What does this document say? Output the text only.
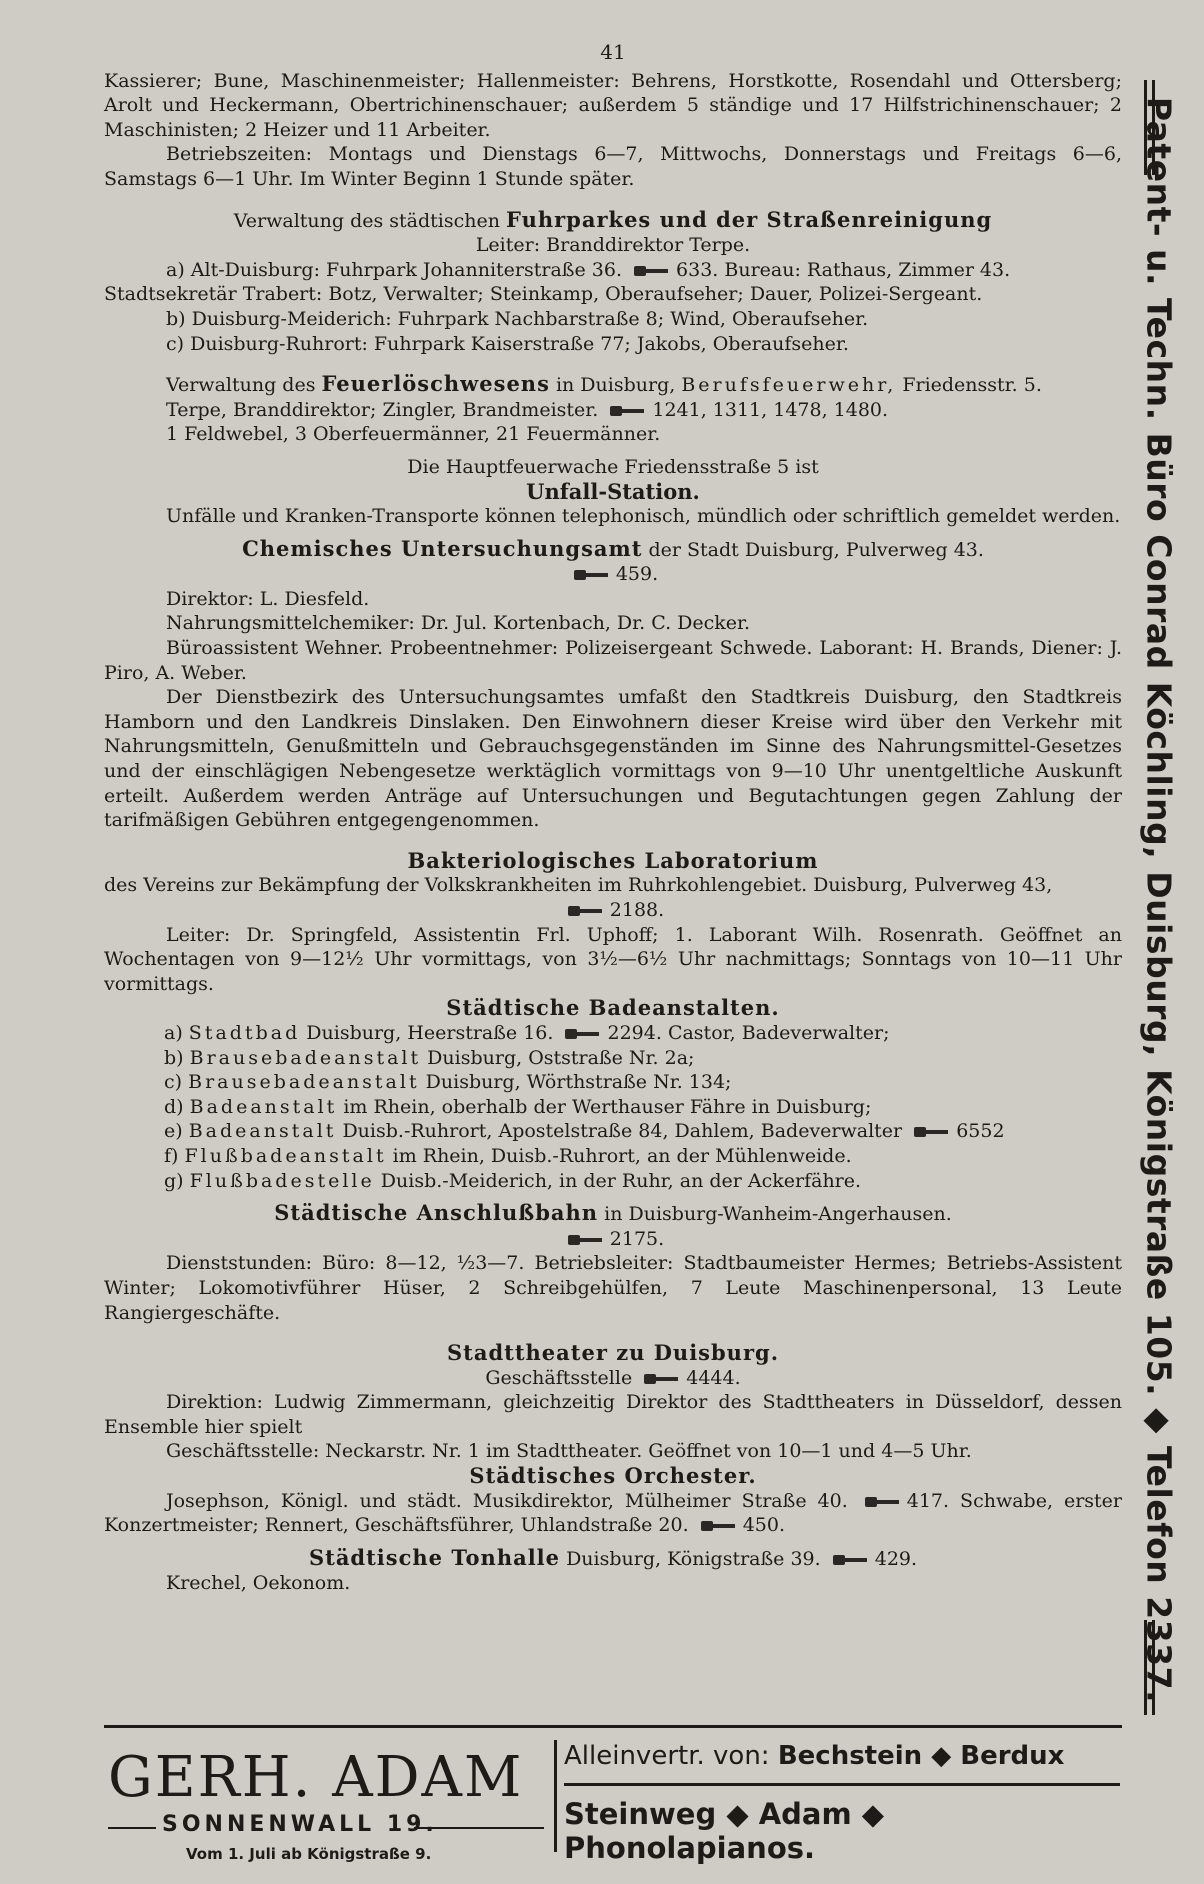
41

Kassierer; Bune, Maschinenmeister; Hallenmeister: Behrens, Horstkotte, Rosendahl und Ottersberg; Arolt und Heckermann, Obertrichinenschauer; außerdem 5 ständige und 17 Hilfstrichinenschauer; 2 Maschinisten; 2 Heizer und 11 Arbeiter.

Betriebszeiten: Montags und Dienstags 6—7, Mittwochs, Donnerstags und Freitags 6—6, Samstags 6—1 Uhr. Im Winter Beginn 1 Stunde später.

Verwaltung des städtischen Fuhrparkes und der Straßenreinigung

Leiter: Branddirektor Terpe.

a) Alt-Duisburg: Fuhrpark Johanniterstraße 36.	633. Bureau: Rathaus, Zimmer 43.

Stadtsekretär Trabert: Botz, Verwalter; Steinkamp, Oberaufseher; Dauer, Polizei-Sergeant.

b) Duisburg-Meiderich: Fuhrpark Nachbarstraße 8; Wind, Oberaufseher.

c) Duisburg-Ruhrort: Fuhrpark Kaiserstraße 77; Jakobs, Oberaufseher.

Verwaltung des Feuerlöschwesens in Duisburg, Berufsfeuerwehr, Friedensstr. 5.

Terpe, Branddirektor; Zingler, Brandmeister.	1241, 1311, 1478, 1480.

1 Feldwebel, 3 Oberfeuermänner, 21 Feuermänner.

Die Hauptfeuerwache Friedensstraße 5 ist

Unfall-Station.

Unfälle und Kranken-Transporte können telephonisch, mündlich oder schriftlich gemeldet werden.

Chemisches Untersuchungsamt der Stadt Duisburg, Pulverweg 43.

459.

Direktor: L. Diesfeld.

Nahrungsmittelchemiker: Dr. Jul. Kortenbach, Dr. C. Decker.

Büroassistent Wehner. Probeentnehmer: Polizeisergeant Schwede. Laborant: H. Brands, Diener: J. Piro, A. Weber.

Der Dienstbezirk des Untersuchungsamtes umfaßt den Stadtkreis Duisburg, den Stadtkreis Hamborn und den Landkreis Dinslaken. Den Einwohnern dieser Kreise wird über den Verkehr mit Nahrungsmitteln, Genußmitteln und Gebrauchsgegenständen im Sinne des Nahrungsmittel-Gesetzes und der einschlägigen Nebengesetze werktäglich vormittags von 9—10 Uhr unentgeltliche Auskunft erteilt. Außerdem werden Anträge auf Untersuchungen und Begutachtungen gegen Zahlung der tarifmäßigen Gebühren entgegengenommen.

Bakteriologisches Laboratorium

des Vereins zur Bekämpfung der Volkskrankheiten im Ruhrkohlengebiet. Duisburg, Pulverweg 43,

2188.

Leiter: Dr. Springfeld, Assistentin Frl. Uphoff; 1. Laborant Wilh. Rosenrath. Geöffnet an Wochentagen von 9—12½ Uhr vormittags, von 3½—6½ Uhr nachmittags; Sonntags von 10—11 Uhr vormittags.

Städtische Badeanstalten.

a) Stadtbad Duisburg, Heerstraße 16.	2294. Castor, Badeverwalter;

b) Brausebadeanstalt Duisburg, Oststraße Nr. 2a;

c) Brausebadeanstalt Duisburg, Wörthstraße Nr. 134;

d) Badeanstalt im Rhein, oberhalb der Werthauser Fähre in Duisburg;

e) Badeanstalt Duisb.-Ruhrort, Apostelstraße 84, Dahlem, Badeverwalter	6552

f) Flußbadeanstalt im Rhein, Duisb.-Ruhrort, an der Mühlenweide.

g) Flußbadestelle Duisb.-Meiderich, in der Ruhr, an der Ackerfähre.

Städtische Anschlußbahn in Duisburg-Wanheim-Angerhausen.

2175.

Dienststunden: Büro: 8—12, ½3—7. Betriebsleiter: Stadtbaumeister Hermes; Betriebs-Assistent Winter; Lokomotivführer Hüser, 2 Schreibgehülfen, 7 Leute Maschinenpersonal, 13 Leute Rangiergeschäfte.

Stadttheater zu Duisburg.

Geschäftsstelle	4444.

Direktion: Ludwig Zimmermann, gleichzeitig Direktor des Stadttheaters in Düsseldorf, dessen Ensemble hier spielt

Geschäftsstelle: Neckarstr. Nr. 1 im Stadttheater. Geöffnet von 10—1 und 4—5 Uhr.

Städtisches Orchester.

Josephson, Königl. und städt. Musikdirektor, Mülheimer Straße 40.	417. Schwabe, erster Konzertmeister; Rennert, Geschäftsführer, Uhlandstraße 20.	450.

Städtische Tonhalle Duisburg, Königstraße 39.	429.

Krechel, Oekonom.	Patent- u. Techn. Büro Conrad Köchling, Duisburg, Königstraße 105. ◆ Telefon 2337.
GERH. ADAM
SONNENWALL 19.
Vom 1. Juli ab Königstraße 9.
Alleinvertr. von: Bechstein ◆ Berdux
Steinweg ◆ Adam ◆ Phonolapianos.
